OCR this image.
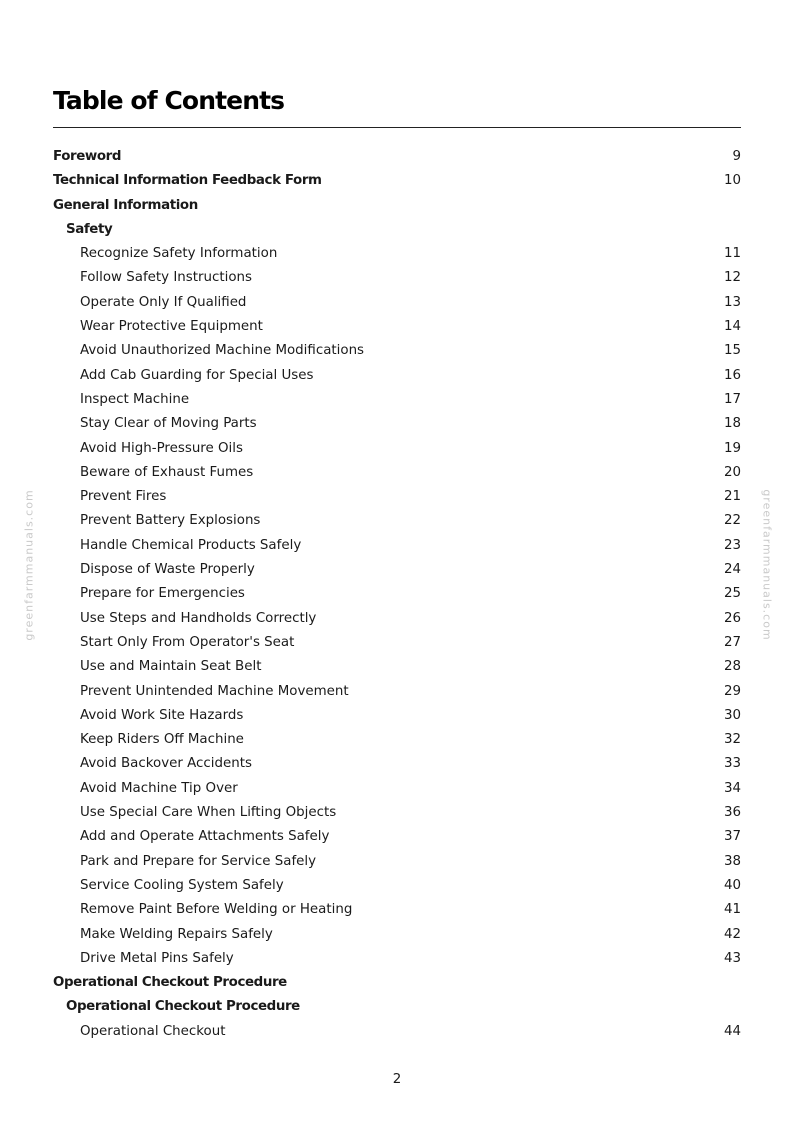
Table of Contents
Foreword	9
Technical Information Feedback Form	10
General Information
Safety
Recognize Safety Information	11
Follow Safety Instructions	12
Operate Only If Qualified	13
Wear Protective Equipment	14
Avoid Unauthorized Machine Modifications	15
Add Cab Guarding for Special Uses	16
Inspect Machine	17
Stay Clear of Moving Parts	18
Avoid High-Pressure Oils	19
Beware of Exhaust Fumes	20
Prevent Fires	21
Prevent Battery Explosions	22
Handle Chemical Products Safely	23
Dispose of Waste Properly	24
Prepare for Emergencies	25
Use Steps and Handholds Correctly	26
Start Only From Operator's Seat	27
Use and Maintain Seat Belt	28
Prevent Unintended Machine Movement	29
Avoid Work Site Hazards	30
Keep Riders Off Machine	32
Avoid Backover Accidents	33
Avoid Machine Tip Over	34
Use Special Care When Lifting Objects	36
Add and Operate Attachments Safely	37
Park and Prepare for Service Safely	38
Service Cooling System Safely	40
Remove Paint Before Welding or Heating	41
Make Welding Repairs Safely	42
Drive Metal Pins Safely	43
Operational Checkout Procedure
Operational Checkout Procedure
Operational Checkout	44
2
greenfarmmanuals.com	greenfarmmanuals.com
